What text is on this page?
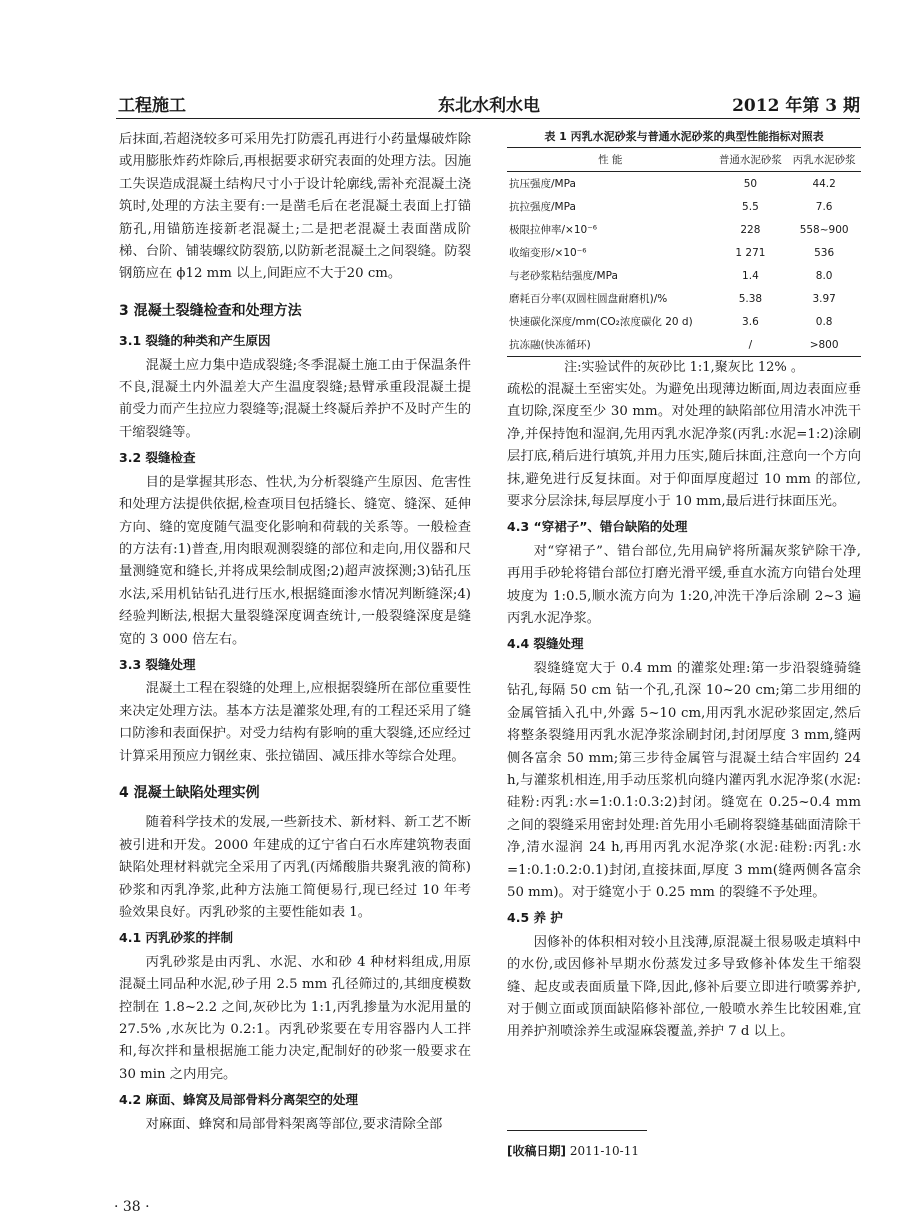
工程施工	东北水利水电	2012 年第 3 期

后抹面,若超浇较多可采用先打防震孔再进行小药量爆破炸除或用膨胀炸药炸除后,再根据要求研究表面的处理方法。因施工失误造成混凝土结构尺寸小于设计轮廓线,需补充混凝土浇筑时,处理的方法主要有:一是凿毛后在老混凝土表面上打锚筋孔,用锚筋连接新老混凝土;二是把老混凝土表面凿成阶梯、台阶、铺装螺纹防裂筋,以防新老混凝土之间裂缝。防裂钢筋应在 ϕ12 mm 以上,间距应不大于20 cm。

3 混凝土裂缝检查和处理方法
3.1 裂缝的种类和产生原因

混凝土应力集中造成裂缝;冬季混凝土施工由于保温条件不良,混凝土内外温差大产生温度裂缝;悬臂承重段混凝土提前受力而产生拉应力裂缝等;混凝土终凝后养护不及时产生的干缩裂缝等。

3.2 裂缝检查

目的是掌握其形态、性状,为分析裂缝产生原因、危害性和处理方法提供依据,检查项目包括缝长、缝宽、缝深、延伸方向、缝的宽度随气温变化影响和荷载的关系等。一般检查的方法有:1)普查,用肉眼观测裂缝的部位和走向,用仪器和尺量测缝宽和缝长,并将成果绘制成图;2)超声波探测;3)钻孔压水法,采用机钻钻孔进行压水,根据缝面渗水情况判断缝深;4)经验判断法,根据大量裂缝深度调查统计,一般裂缝深度是缝宽的 3 000 倍左右。

3.3 裂缝处理

混凝土工程在裂缝的处理上,应根据裂缝所在部位重要性来决定处理方法。基本方法是灌浆处理,有的工程还采用了缝口防渗和表面保护。对受力结构有影响的重大裂缝,还应经过计算采用预应力钢丝束、张拉锚固、减压排水等综合处理。

4 混凝土缺陷处理实例

随着科学技术的发展,一些新技术、新材料、新工艺不断被引进和开发。2000 年建成的辽宁省白石水库建筑物表面缺陷处理材料就完全采用了丙乳(丙烯酸脂共聚乳液的简称)砂浆和丙乳净浆,此种方法施工简便易行,现已经过 10 年考验效果良好。丙乳砂浆的主要性能如表 1。

4.1 丙乳砂浆的拌制

丙乳砂浆是由丙乳、水泥、水和砂 4 种材料组成,用原混凝土同品种水泥,砂子用 2.5 mm 孔径筛过的,其细度模数控制在 1.8~2.2 之间,灰砂比为 1:1,丙乳掺量为水泥用量的 27.5% ,水灰比为 0.2:1。丙乳砂浆要在专用容器内人工拌和,每次拌和量根据施工能力决定,配制好的砂浆一般要求在 30 min 之内用完。

4.2 麻面、蜂窝及局部骨料分离架空的处理

对麻面、蜂窝和局部骨料架离等部位,要求清除全部

表 1 丙乳水泥砂浆与普通水泥砂浆的典型性能指标对照表
性 能	普通水泥砂浆	丙乳水泥砂浆
抗压强度/MPa	50	44.2
抗拉强度/MPa	5.5	7.6
极限拉伸率/×10⁻⁶	228	558~900
收缩变形/×10⁻⁶	1 271	536
与老砂浆粘结强度/MPa	1.4	8.0
磨耗百分率(双圆柱圆盘耐磨机)/%	5.38	3.97
快速碳化深度/mm(CO₂浓度碳化 20 d)	3.6	0.8
抗冻融(快冻循环)	/	>800
注:实验试件的灰砂比 1:1,聚灰比 12% 。

疏松的混凝土至密实处。为避免出现薄边断面,周边表面应垂直切除,深度至少 30 mm。对处理的缺陷部位用清水冲洗干净,并保持饱和湿润,先用丙乳水泥净浆(丙乳:水泥=1:2)涂刷层打底,稍后进行填筑,并用力压实,随后抹面,注意向一个方向抹,避免进行反复抹面。对于仰面厚度超过 10 mm 的部位,要求分层涂抹,每层厚度小于 10 mm,最后进行抹面压光。

4.3 “穿裙子”、错台缺陷的处理

对“穿裙子”、错台部位,先用扁铲将所漏灰浆铲除干净,再用手砂轮将错台部位打磨光滑平缓,垂直水流方向错台处理坡度为 1:0.5,顺水流方向为 1:20,冲洗干净后涂刷 2~3 遍丙乳水泥净浆。

4.4 裂缝处理

裂缝缝宽大于 0.4 mm 的灌浆处理:第一步沿裂缝骑缝钻孔,每隔 50 cm 钻一个孔,孔深 10~20 cm;第二步用细的金属管插入孔中,外露 5~10 cm,用丙乳水泥砂浆固定,然后将整条裂缝用丙乳水泥净浆涂刷封闭,封闭厚度 3 mm,缝两侧各富余 50 mm;第三步待金属管与混凝土结合牢固约 24 h,与灌浆机相连,用手动压浆机向缝内灌丙乳水泥净浆(水泥:硅粉:丙乳:水=1:0.1:0.3:2)封闭。缝宽在 0.25~0.4 mm 之间的裂缝采用密封处理:首先用小毛刷将裂缝基础面清除干净,清水湿润 24 h,再用丙乳水泥净浆(水泥:硅粉:丙乳:水=1:0.1:0.2:0.1)封闭,直接抹面,厚度 3 mm(缝两侧各富余 50 mm)。对于缝宽小于 0.25 mm 的裂缝不予处理。

4.5 养 护

因修补的体积相对较小且浅薄,原混凝土很易吸走填料中的水份,或因修补早期水份蒸发过多导致修补体发生干缩裂缝、起皮或表面质量下降,因此,修补后要立即进行喷雾养护,对于侧立面或顶面缺陷修补部位,一般喷水养生比较困难,宜用养护剂喷涂养生或湿麻袋覆盖,养护 7 d 以上。

[收稿日期] 2011-10-11
· 38 ·
